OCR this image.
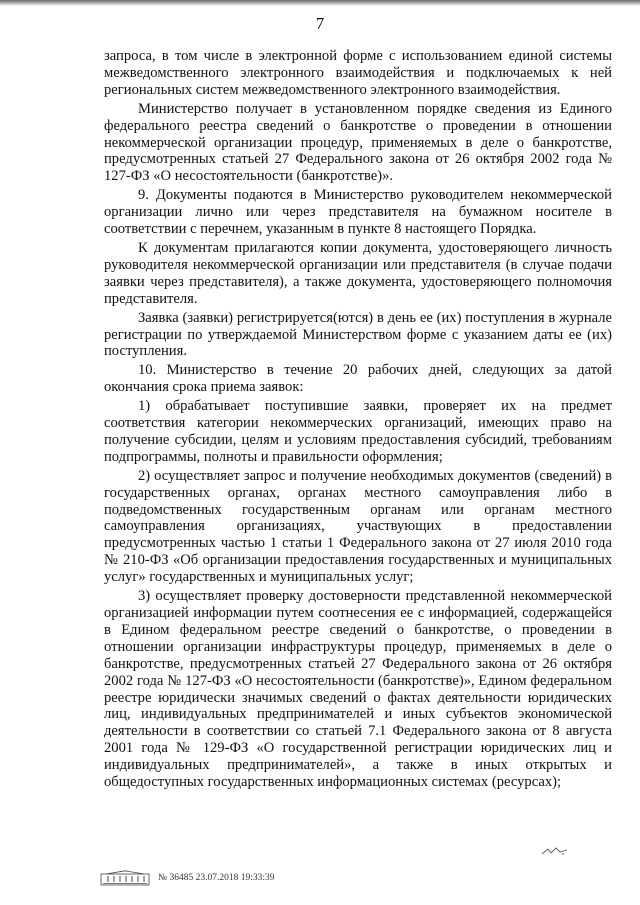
7

запроса, в том числе в электронной форме с использованием единой системы межведомственного электронного взаимодействия и подключаемых к ней региональных систем межведомственного электронного взаимодействия.

Министерство получает в установленном порядке сведения из Единого федерального реестра сведений о банкротстве о проведении в отношении некоммерческой организации процедур, применяемых в деле о банкротстве, предусмотренных статьей 27 Федерального закона от 26 октября 2002 года № 127-ФЗ «О несостоятельности (банкротстве)».

9. Документы подаются в Министерство руководителем некоммерческой организации лично или через представителя на бумажном носителе в соответствии с перечнем, указанным в пункте 8 настоящего Порядка.

К документам прилагаются копии документа, удостоверяющего личность руководителя некоммерческой организации или представителя (в случае подачи заявки через представителя), а также документа, удостоверяющего полномочия представителя.

Заявка (заявки) регистрируется(ются) в день ее (их) поступления в журнале регистрации по утверждаемой Министерством форме с указанием даты ее (их) поступления.

10. Министерство в течение 20 рабочих дней, следующих за датой окончания срока приема заявок:

1) обрабатывает поступившие заявки, проверяет их на предмет соответствия категории некоммерческих организаций, имеющих право на получение субсидии, целям и условиям предоставления субсидий, требованиям подпрограммы, полноты и правильности оформления;

2) осуществляет запрос и получение необходимых документов (сведений) в государственных органах, органах местного самоуправления либо в подведомственных государственным органам или органам местного самоуправления организациях, участвующих в предоставлении предусмотренных частью 1 статьи 1 Федерального закона от 27 июля 2010 года № 210-ФЗ «Об организации предоставления государственных и муниципальных услуг» государственных и муниципальных услуг;

3) осуществляет проверку достоверности представленной некоммерческой организацией информации путем соотнесения ее с информацией, содержащейся в Едином федеральном реестре сведений о банкротстве, о проведении в отношении организации инфраструктуры процедур, применяемых в деле о банкротстве, предусмотренных статьей 27 Федерального закона от 26 октября 2002 года № 127-ФЗ «О несостоятельности (банкротстве)», Едином федеральном реестре юридически значимых сведений о фактах деятельности юридических лиц, индивидуальных предпринимателей и иных субъектов экономической деятельности в соответствии со статьей 7.1 Федерального закона от 8 августа 2001 года № 129-ФЗ «О государственной регистрации юридических лиц и индивидуальных предпринимателей», а также в иных открытых и общедоступных государственных информационных системах (ресурсах);

№ 36485 23.07.2018 19:33:39
